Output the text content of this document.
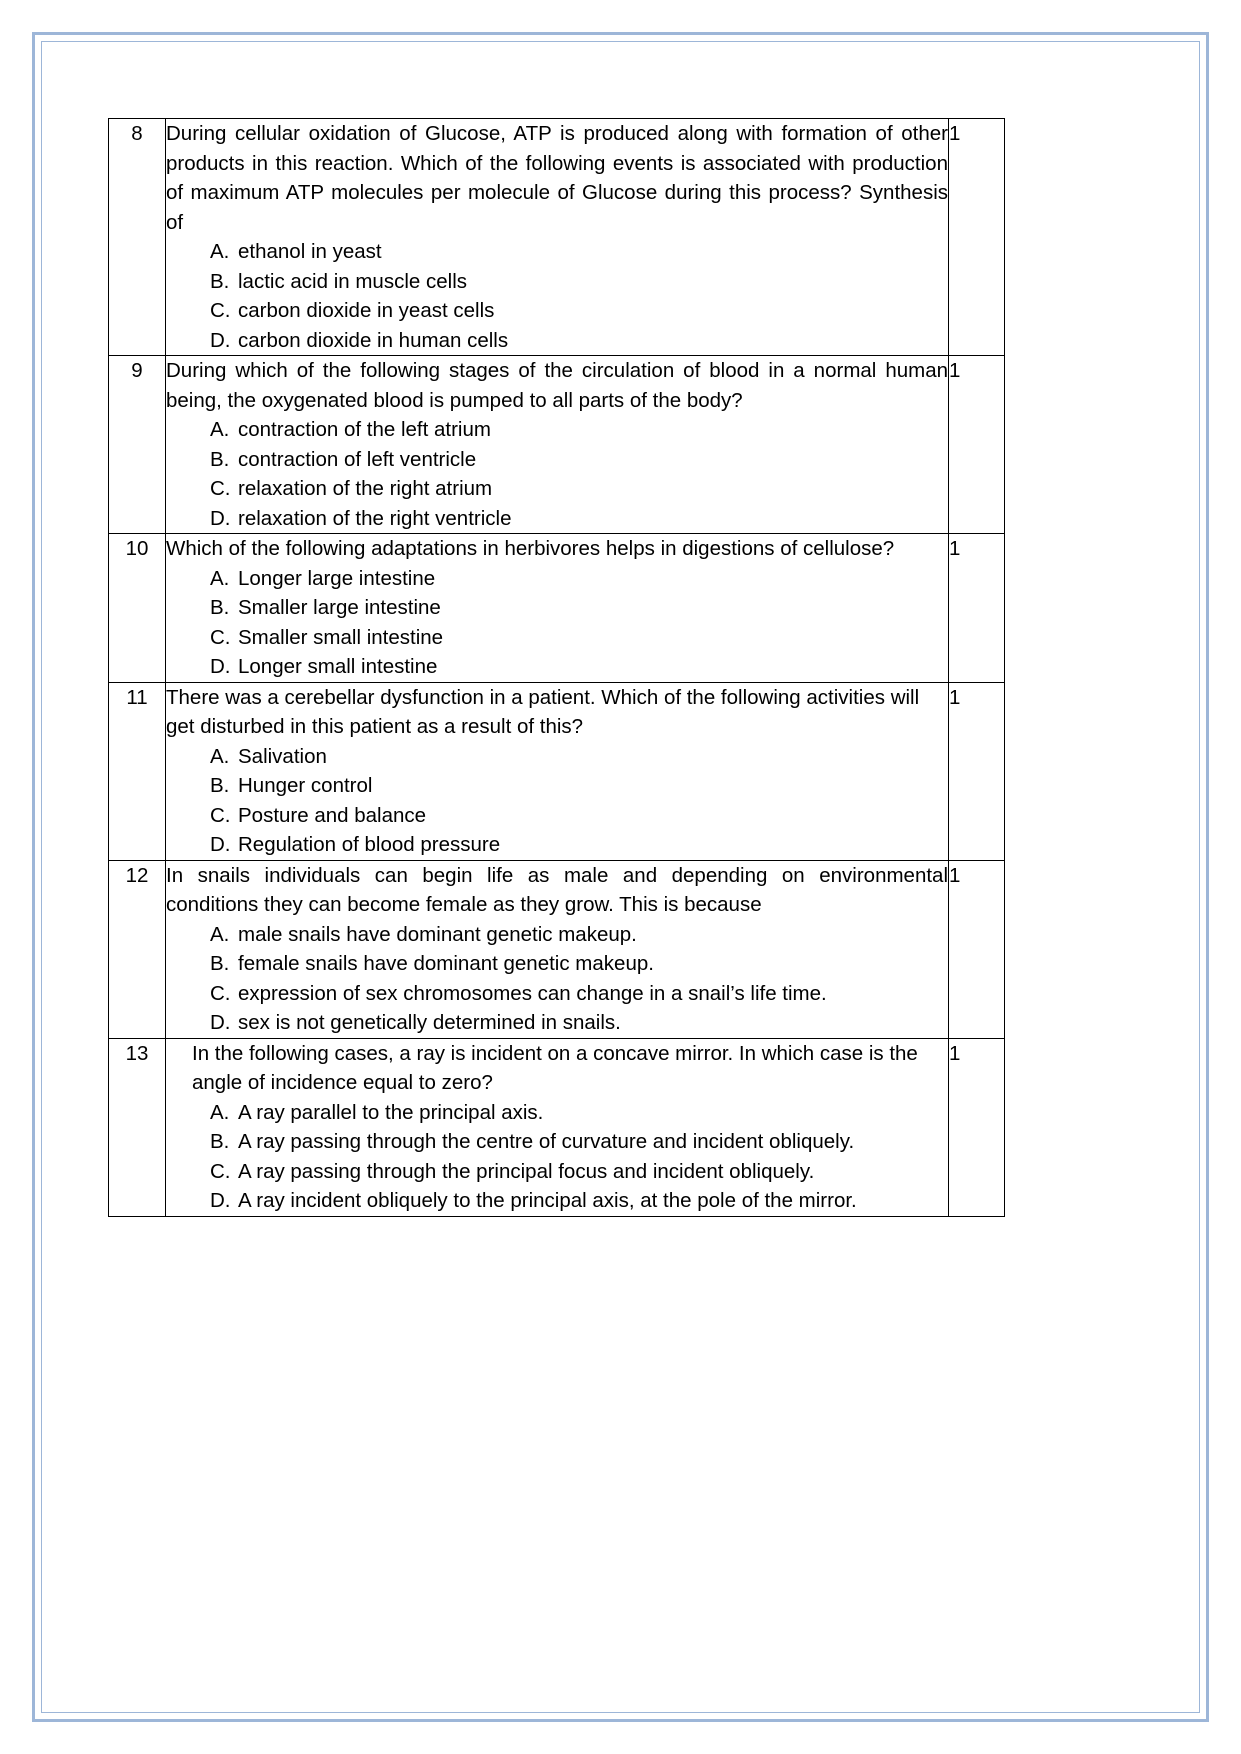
8	During cellular oxidation of Glucose, ATP is produced along with formation of other products in this reaction. Which of the following events is associated with production of maximum ATP molecules per molecule of Glucose during this process? Synthesis of

A. ethanol in yeast
B. lactic acid in muscle cells
C. carbon dioxide in yeast cells
D. carbon dioxide in human cells
	1
9	During which of the following stages of the circulation of blood in a normal human being, the oxygenated blood is pumped to all parts of the body?

A. contraction of the left atrium
B. contraction of left ventricle
C. relaxation of the right atrium
D. relaxation of the right ventricle
	1
10	Which of the following adaptations in herbivores helps in digestions of cellulose?

A. Longer large intestine
B. Smaller large intestine
C. Smaller small intestine
D. Longer small intestine
	1
11	There was a cerebellar dysfunction in a patient. Which of the following activities will get disturbed in this patient as a result of this?

A. Salivation
B. Hunger control
C. Posture and balance
D. Regulation of blood pressure
	1
12	In snails individuals can begin life as male and depending on environmental conditions they can become female as they grow. This is because

A. male snails have dominant genetic makeup.
B. female snails have dominant genetic makeup.
C. expression of sex chromosomes can change in a snail’s life time.
D. sex is not genetically determined in snails.
	1
13	In the following cases, a ray is incident on a concave mirror. In which case is the angle of incidence equal to zero?

A. A ray parallel to the principal axis.
B. A ray passing through the centre of curvature and incident obliquely.
C. A ray passing through the principal focus and incident obliquely.
D. A ray incident obliquely to the principal axis, at the pole of the mirror.
	1
